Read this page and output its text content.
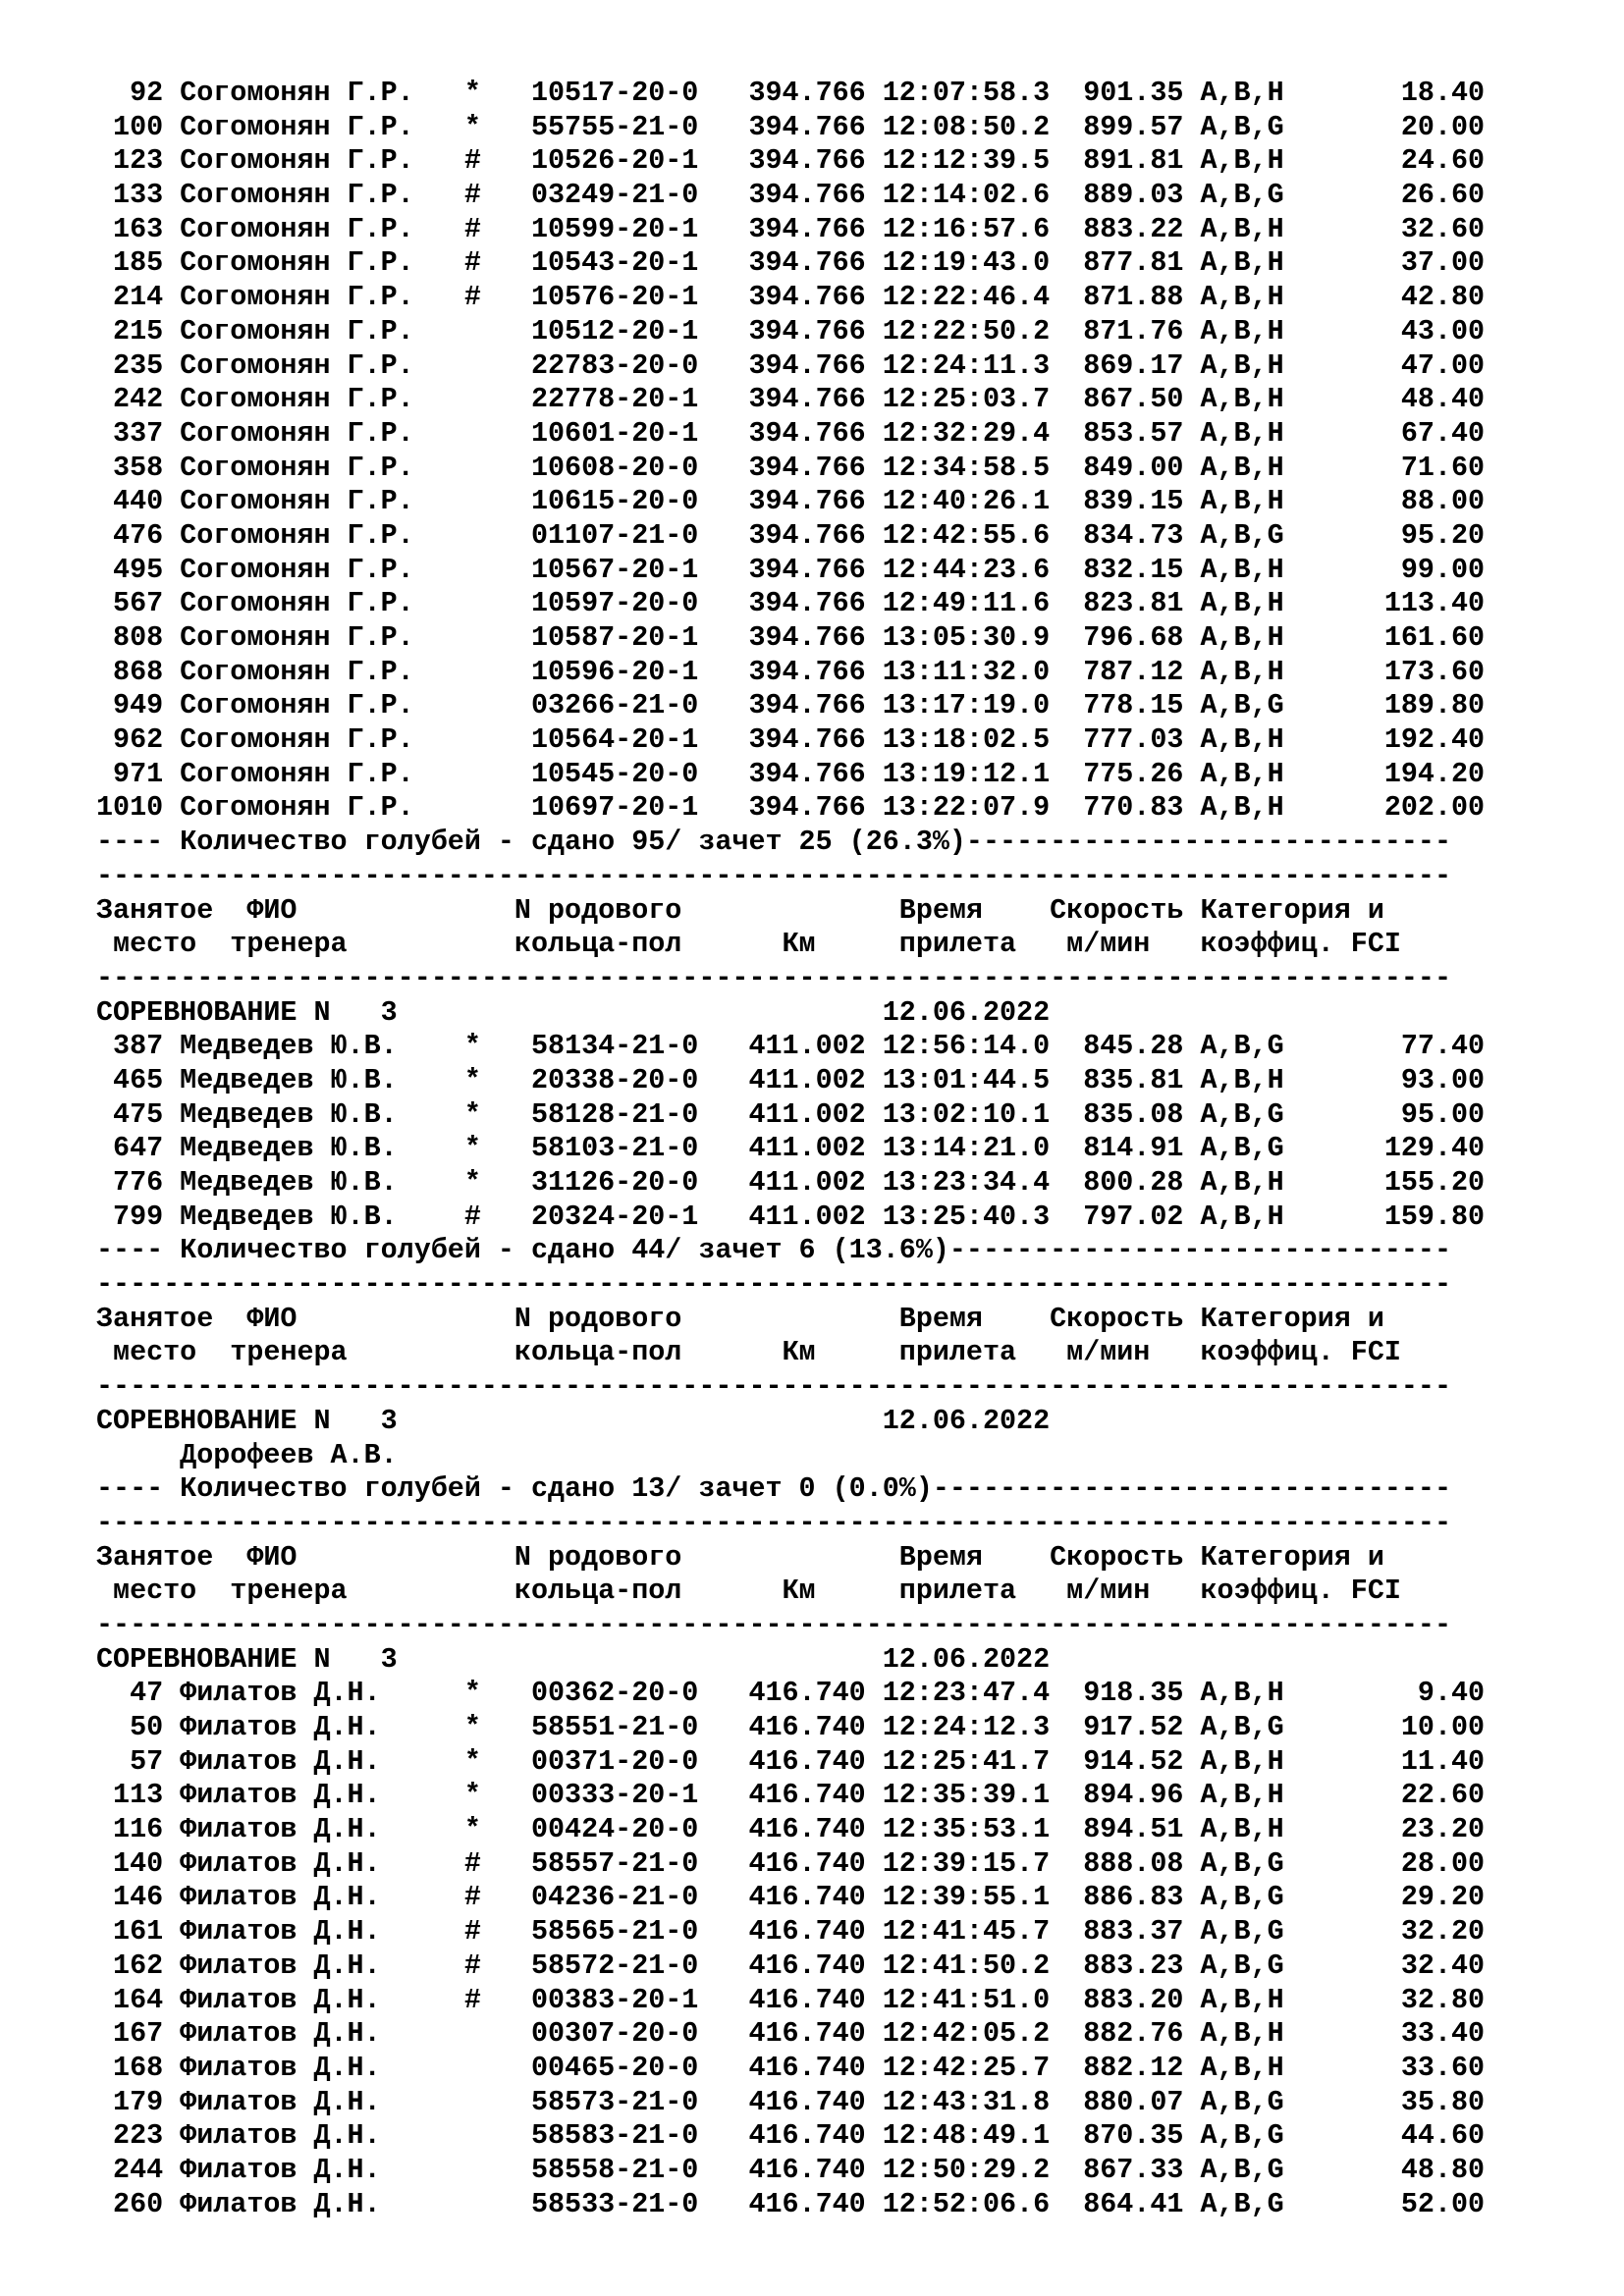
92 Согомонян Г.Р.   *   10517-20-0   394.766 12:07:58.3  901.35 A,B,H       18.40
100 Согомонян Г.Р.   *   55755-21-0   394.766 12:08:50.2  899.57 A,B,G       20.00
123 Согомонян Г.Р.   #   10526-20-1   394.766 12:12:39.5  891.81 A,B,H       24.60
133 Согомонян Г.Р.   #   03249-21-0   394.766 12:14:02.6  889.03 A,B,G       26.60
163 Согомонян Г.Р.   #   10599-20-1   394.766 12:16:57.6  883.22 A,B,H       32.60
185 Согомонян Г.Р.   #   10543-20-1   394.766 12:19:43.0  877.81 A,B,H       37.00
214 Согомонян Г.Р.   #   10576-20-1   394.766 12:22:46.4  871.88 A,B,H       42.80
215 Согомонян Г.Р.       10512-20-1   394.766 12:22:50.2  871.76 A,B,H       43.00
235 Согомонян Г.Р.       22783-20-0   394.766 12:24:11.3  869.17 A,B,H       47.00
242 Согомонян Г.Р.       22778-20-1   394.766 12:25:03.7  867.50 A,B,H       48.40
337 Согомонян Г.Р.       10601-20-1   394.766 12:32:29.4  853.57 A,B,H       67.40
358 Согомонян Г.Р.       10608-20-0   394.766 12:34:58.5  849.00 A,B,H       71.60
440 Согомонян Г.Р.       10615-20-0   394.766 12:40:26.1  839.15 A,B,H       88.00
476 Согомонян Г.Р.       01107-21-0   394.766 12:42:55.6  834.73 A,B,G       95.20
495 Согомонян Г.Р.       10567-20-1   394.766 12:44:23.6  832.15 A,B,H       99.00
567 Согомонян Г.Р.       10597-20-0   394.766 12:49:11.6  823.81 A,B,H      113.40
808 Согомонян Г.Р.       10587-20-1   394.766 13:05:30.9  796.68 A,B,H      161.60
868 Согомонян Г.Р.       10596-20-1   394.766 13:11:32.0  787.12 A,B,H      173.60
949 Согомонян Г.Р.       03266-21-0   394.766 13:17:19.0  778.15 A,B,G      189.80
962 Согомонян Г.Р.       10564-20-1   394.766 13:18:02.5  777.03 A,B,H      192.40
971 Согомонян Г.Р.       10545-20-0   394.766 13:19:12.1  775.26 A,B,H      194.20
1010 Согомонян Г.Р.       10697-20-1   394.766 13:22:07.9  770.83 A,B,H      202.00
---- Количество голубей - сдано 95/ зачет 25 (26.3%)-----------------------------
---------------------------------------------------------------------------------
Занятое  ФИО             N родового             Время    Скорость Категория и
место  тренера          кольца-пол      Км     прилета   м/мин   коэффиц. FCI
---------------------------------------------------------------------------------
СОРЕВНОВАНИЕ N   3                             12.06.2022
387 Медведев Ю.В.    *   58134-21-0   411.002 12:56:14.0  845.28 A,B,G       77.40
465 Медведев Ю.В.    *   20338-20-0   411.002 13:01:44.5  835.81 A,B,H       93.00
475 Медведев Ю.В.    *   58128-21-0   411.002 13:02:10.1  835.08 A,B,G       95.00
647 Медведев Ю.В.    *   58103-21-0   411.002 13:14:21.0  814.91 A,B,G      129.40
776 Медведев Ю.В.    *   31126-20-0   411.002 13:23:34.4  800.28 A,B,H      155.20
799 Медведев Ю.В.    #   20324-20-1   411.002 13:25:40.3  797.02 A,B,H      159.80
---- Количество голубей - сдано 44/ зачет 6 (13.6%)------------------------------
---------------------------------------------------------------------------------
Занятое  ФИО             N родового             Время    Скорость Категория и
место  тренера          кольца-пол      Км     прилета   м/мин   коэффиц. FCI
---------------------------------------------------------------------------------
СОРЕВНОВАНИЕ N   3                             12.06.2022
Дорофеев А.В.
---- Количество голубей - сдано 13/ зачет 0 (0.0%)-------------------------------
---------------------------------------------------------------------------------
Занятое  ФИО             N родового             Время    Скорость Категория и
место  тренера          кольца-пол      Км     прилета   м/мин   коэффиц. FCI
---------------------------------------------------------------------------------
СОРЕВНОВАНИЕ N   3                             12.06.2022
47 Филатов Д.Н.     *   00362-20-0   416.740 12:23:47.4  918.35 A,B,H        9.40
50 Филатов Д.Н.     *   58551-21-0   416.740 12:24:12.3  917.52 A,B,G       10.00
57 Филатов Д.Н.     *   00371-20-0   416.740 12:25:41.7  914.52 A,B,H       11.40
113 Филатов Д.Н.     *   00333-20-1   416.740 12:35:39.1  894.96 A,B,H       22.60
116 Филатов Д.Н.     *   00424-20-0   416.740 12:35:53.1  894.51 A,B,H       23.20
140 Филатов Д.Н.     #   58557-21-0   416.740 12:39:15.7  888.08 A,B,G       28.00
146 Филатов Д.Н.     #   04236-21-0   416.740 12:39:55.1  886.83 A,B,G       29.20
161 Филатов Д.Н.     #   58565-21-0   416.740 12:41:45.7  883.37 A,B,G       32.20
162 Филатов Д.Н.     #   58572-21-0   416.740 12:41:50.2  883.23 A,B,G       32.40
164 Филатов Д.Н.     #   00383-20-1   416.740 12:41:51.0  883.20 A,B,H       32.80
167 Филатов Д.Н.         00307-20-0   416.740 12:42:05.2  882.76 A,B,H       33.40
168 Филатов Д.Н.         00465-20-0   416.740 12:42:25.7  882.12 A,B,H       33.60
179 Филатов Д.Н.         58573-21-0   416.740 12:43:31.8  880.07 A,B,G       35.80
223 Филатов Д.Н.         58583-21-0   416.740 12:48:49.1  870.35 A,B,G       44.60
244 Филатов Д.Н.         58558-21-0   416.740 12:50:29.2  867.33 A,B,G       48.80
260 Филатов Д.Н.         58533-21-0   416.740 12:52:06.6  864.41 A,B,G       52.00
